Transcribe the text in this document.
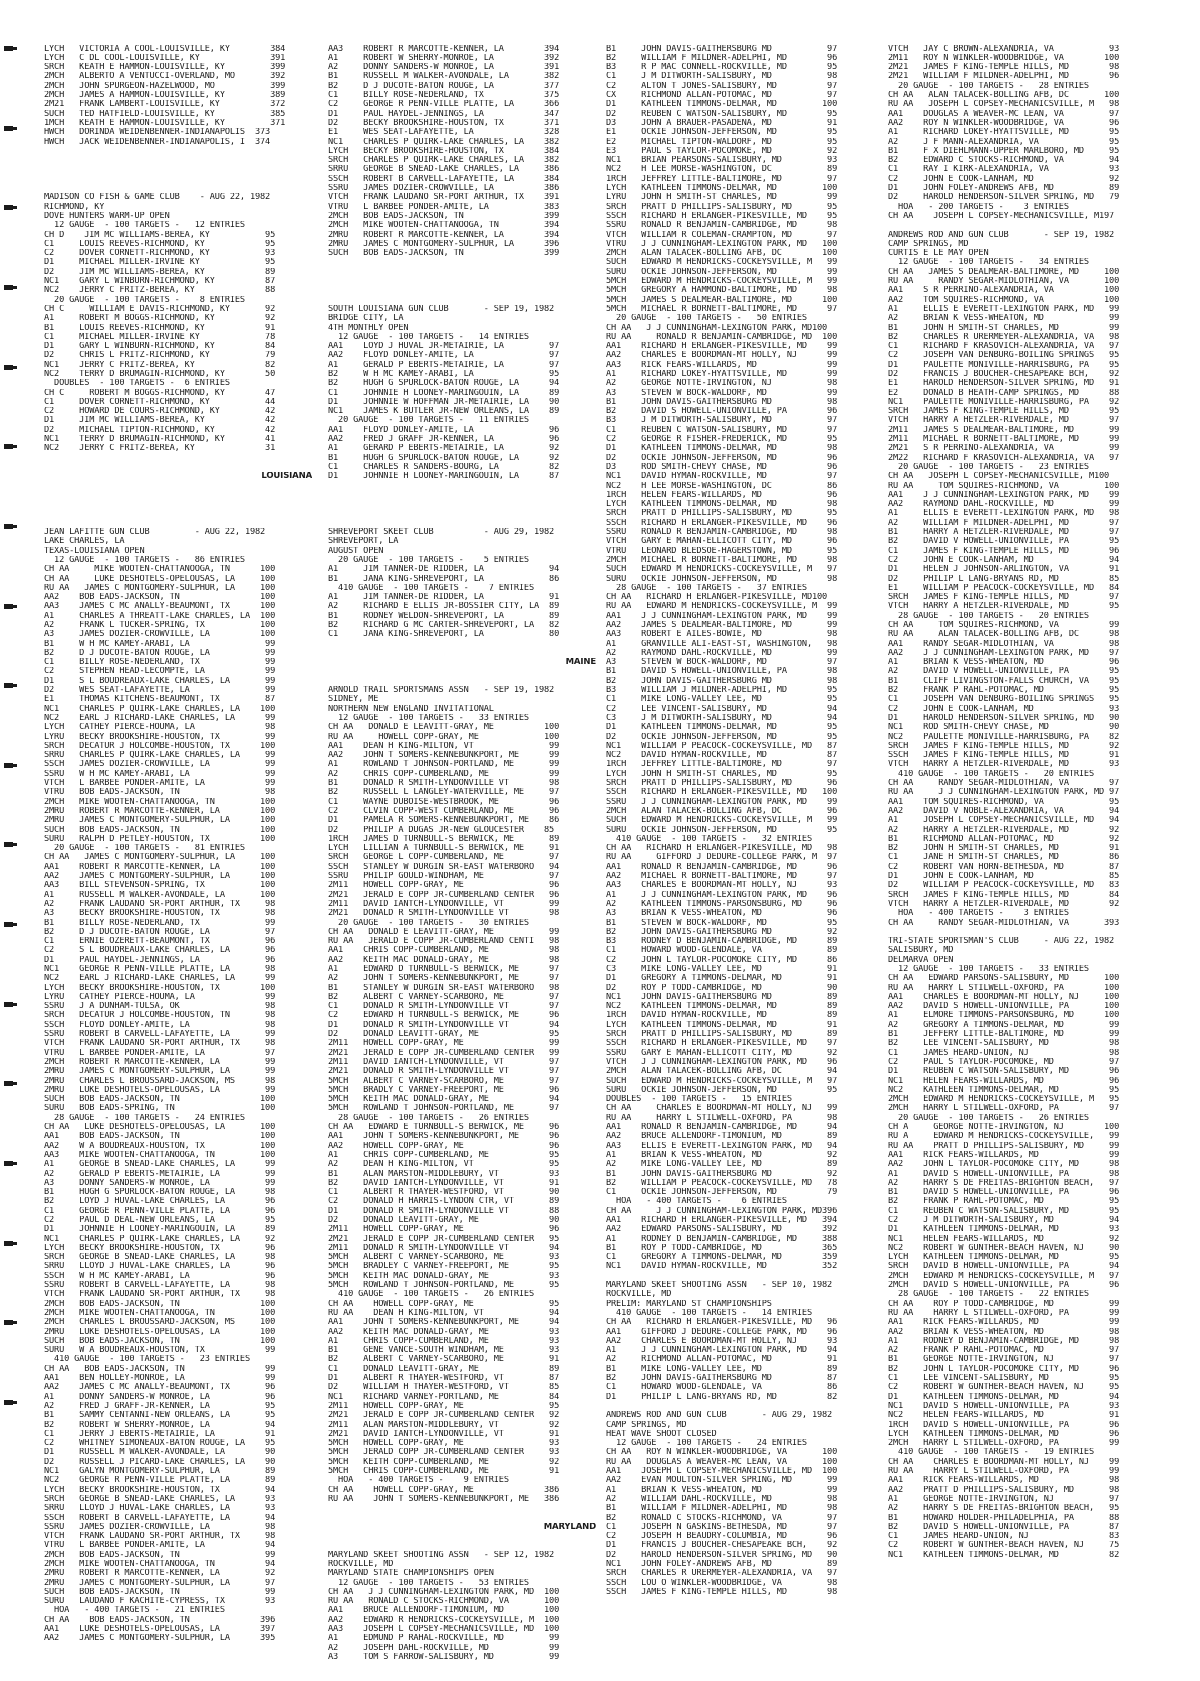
LYCH   VICTORIA A COOL-LOUISVILLE, KY        384
LYCH   C DL COOL-LOUISVILLE, KY              391
SRCH   KEATH E HAMMON-LOUISVILLE, KY         399
2MCH   ALBERTO A VENTUCCI-OVERLAND, MO       392
2MCH   JOHN SPURGEON-HAZELWOOD, MO           399
2MCH   JAMES A HAMMON-LOUISVILLE, KY         389
2M21   FRANK LAMBERT-LOUISVILLE, KY          372
SUCH   TED HATFIELD-LOUISVILLE, KY           385
1MCH   KEATH E HAMMON-LOUISVILLE, KY         371
HWCH   DORINDA WEIDENBENNER-INDIANAPOLIS  373
HWCH   JACK WEIDENBENNER-INDIANAPOLIS, I  374

MADISON CO FISH & GAME CLUB    - AUG 22, 1982
RICHMOND, KY
DOVE HUNTERS WARM-UP OPEN
12 GAUGE  - 100 TARGETS -   12 ENTRIES
CH D    JIM MC WILLIAMS-BEREA, KY           95
C1     LOUIS REEVES-RICHMOND, KY            95
C2     DOVER CORNETT-RICHMOND, KY           93
D1     MICHAEL MILLER-IRVINE KY             95
D2     JIM MC WILLIAMS-BEREA, KY            89
NC1    GARY L WINBURN-RICHMOND, KY          87
NC2    JERRY C FRITZ-BEREA, KY              88
20 GAUGE  - 100 TARGETS -    8 ENTRIES
CH C     WILLIAM E DAVIS-RICHMOND, KY       92
A1     ROBERT M BOGGS-RICHMOND, KY          92
B1     LOUIS REEVES-RICHMOND, KY            91
C1     MICHAEL MILLER-IRVINE KY             78
D1     GARY L WINBURN-RICHMOND, KY          84
D2     CHRIS L FRITZ-RICHMOND, KY           79
NC1    JERRY C FRITZ-BEREA, KY              82
NC2    TERRY D BRUMAGIN-RICHMOND, KY        50
DOUBLES  - 100 TARGETS -  6 ENTRIES
CH C     ROBERT M BOGGS-RICHMOND, KY        47
C1     DOVER CORNETT-RICHMOND, KY           44
C2     HOWARD DE COURS-RICHMOND, KY         42
D1     JIM MC WILLIAMS-BEREA, KY            42
D2     MICHAEL TIPTON-RICHMOND, KY          42
NC1    TERRY D BRUMAGIN-RICHMOND, KY        41
NC2    JERRY C FRITZ-BEREA, KY              31

LOUISIANA

JEAN LAFITTE GUN CLUB         - AUG 22, 1982
LAKE CHARLES, LA
TEXAS-LOUISIANA OPEN
12 GAUGE  - 100 TARGETS -   86 ENTRIES
CH AA     MIKE WOOTEN-CHATTANOOGA, TN      100
CH AA     LUKE DESHOTELS-OPELOUSAS, LA     100
RU AA   JAMES C MONTGOMERY-SULPHUR, LA     100
AA2    BOB EADS-JACKSON, TN                100
AA3    JAMES C MC ANALLY-BEAUMONT, TX      100
A1     CHARLES A THREATT-LAKE CHARLES, LA  100
A2     FRANK L TUCKER-SPRING, TX           100
A3     JAMES DOZIER-CROWVILLE, LA          100
B1     W H MC KAMEY-ARABI, LA               99
B2     D J DUCOTE-BATON ROUGE, LA           99
C1     BILLY ROSE-NEDERLAND, TX             99
C2     STEPHEN HEAD-LECOMPTE, LA            99
D1     S L BOUDREAUX-LAKE CHARLES, LA       99
D2     WES SEAT-LAFAYETTE, LA               99
E1     THOMAS KITCHENS-BEAUMONT, TX         87
NC1    CHARLES P QUIRK-LAKE CHARLES, LA    100
NC2    EARL J RICHARD-LAKE CHARLES, LA      99
LYCH   CATHEY PIERCE-HOUMA, LA              98
LYRU   BECKY BROOKSHIRE-HOUSTON, TX         99
SRCH   DECATUR J HOLCOMBE-HOUSTON, TX      100
SRRU   CHARLES P QUIRK-LAKE CHARLES, LA     99
SSCH   JAMES DOZIER-CROWVILLE, LA           99
SSRU   W H MC KAMEY-ARABI, LA               99
VTCH   L BARBEE PONDER-AMITE, LA            99
VTRU   BOB EADS-JACKSON, TN                 98
2MCH   MIKE WOOTEN-CHATTANOOGA, TN         100
2MRU   ROBERT R MARCOTTE-KENNER, LA        100
2MRU   JAMES C MONTGOMERY-SULPHUR, LA      100
SUCH   BOB EADS-JACKSON, TN                100
SURU   RALPH D PETLEY-HOUSTON, TX          100
20 GAUGE  - 100 TARGETS -   81 ENTRIES
CH AA   JAMES C MONTGOMERY-SULPHUR, LA     100
AA1    ROBERT R MARCOTTE-KENNER, LA        100
AA2    JAMES C MONTGOMERY-SULPHUR, LA      100
AA3    BILL STEVENSON-SPRING, TX           100
A1     RUSSELL M WALKER-AVONDALE, LA       100
A2     FRANK LAUDANO SR-PORT ARTHUR, TX     98
A3     BECKY BROOKSHIRE-HOUSTON, TX         98
B1     BILLY ROSE-NEDERLAND, TX             99
B2     D J DUCOTE-BATON ROUGE, LA           97
C1     ERNIE OZERETT-BEAUMONT, TX           96
C2     S L BOUDREAUX-LAKE CHARLES, LA       96
D1     PAUL HAYDEL-JENNINGS, LA             96
NC1    GEORGE R PENN-VILLE PLATTE, LA       98
NC2    EARL J RICHARD-LAKE CHARLES, LA      99
LYCH   BECKY BROOKSHIRE-HOUSTON, TX        100
LYRU   CATHEY PIERCE-HOUMA, LA              99
SSRU   J A DUNHAM-TULSA, OK                 98
SRCH   DECATUR J HOLCOMBE-HOUSTON, TN       98
SSCH   FLOYD DONLEY-AMITE, LA               98
SSRU   ROBERT B CARVELL-LAFAYETTE, LA       99
VTCH   FRANK LAUDANO SR-PORT ARTHUR, TX     98
VTRU   L BARBEE PONDER-AMITE, LA            97
2MCH   ROBERT R MARCOTTE-KENNER, LA         99
2MRU   JAMES C MONTGOMERY-SULPHUR, LA       99
2MRU   CHARLES L BROUSSARD-JACKSON, MS      98
2MRU   LUKE DESHOTELS-OPELOUSAS, LA         99
SUCH   BOB EADS-JACKSON, TN                100
SURU   BOB EADS-SPRING, TN                 100
28 GAUGE  - 100 TARGETS -   24 ENTRIES
CH AA   LUKE DESHOTELS-OPELOUSAS, LA       100
AA1    BOB EADS-JACKSON, TN                100
AA2    W A BOUDREAUX-HOUSTON, TX           100
AA3    MIKE WOOTEN-CHATTANOOGA, TN         100
A1     GEORGE B SNEAD-LAKE CHARLES, LA      99
A2     GERALD P EBERTS-METAIRIE, LA         99
A3     DONNY SANDERS-W MONROE, LA           99
B1     HUGH G SPURLOCK-BATON ROUGE, LA      98
B2     LOYD J HUVAL-LAKE CHARLES, LA        96
C1     GEORGE R PENN-VILLE PLATTE, LA       96
C2     PAUL D DEAL-NEW ORLEANS, LA          95
D1     JOHNNIE H LOONEY-MARINGOUIN, LA      89
NC1    CHARLES P QUIRK-LAKE CHARLES, LA     92
LYCH   BECKY BROOKSHIRE-HOUSTON, TX         96
SRCH   GEORGE B SNEAD-LAKE CHARLES, LA      98
SRRU   LLOYD J HUVAL-LAKE CHARLES, LA       96
SSCH   W H MC KAMEY-ARABI, LA               96
SSRU   ROBERT B CARVELL-LAFAYETTE, LA       98
VTCH   FRANK LAUDANO SR-PORT ARTHUR, TX     98
2MCH   BOB EADS-JACKSON, TN                100
2MCH   MIKE WOOTEN-CHATTANOOGA, TN         100
2MCH   CHARLES L BROUSSARD-JACKSON, MS     100
2MRU   LUKE DESHOTELS-OPELOUSAS, LA        100
SUCH   BOB EADS-JACKSON, TN                100
SURU   W A BOUDREAUX-HOUSTON, TX            99
410 GAUGE  - 100 TARGETS -   23 ENTRIES
CH AA   BOB EADS-JACKSON, TN                99
AA1    BEN HOLLEY-MONROE, LA                99
AA2    JAMES C MC ANALLY-BEAUMONT, TX       96
A1     DONNY SANDERS-W MONROE, LA           96
A2     FRED J GRAFF-JR-KENNER, LA           95
B1     SAMMY CENTANNI-NEW ORLEANS, LA       95
B2     ROBERT W SHERRY-MONROE, LA           94
C1     JERRY J EBERTS-METAIRIE, LA          91
C2     WHITNEY SIMONEAUX-BATON ROUGE, LA    95
D1     RUSSELL M WALKER-AVONDALE, LA        90
D2     RUSSELL J PICARD-LAKE CHARLES, LA    90
NC1    GALYN MONTGOMERY-SULPHUR, LA         89
NC2    GEORGE R PENN-VILLE PLATTE, LA       89
LYCH   BECKY BROOKSHIRE-HOUSTON, TX         94
SRCH   GEORGE B SNEAD-LAKE CHARLES, LA      93
SRRU   LLOYD J HUVAL-LAKE CHARLES, LA       93
SSCH   ROBERT B CARVELL-LAFAYETTE, LA       94
SSRU   JAMES DOZIER-CROWVILLE, LA           98
VTCH   FRANK LAUDANO SR-PORT ARTHUR, TX     98
VTRU   L BARBEE PONDER-AMITE, LA            94
2MCH   BOB EADS-JACKSON, TN                 99
2MCH   MIKE WOOTEN-CHATTANOOGA, TN          94
2MRU   ROBERT R MARCOTTE-KENNER, LA         92
2MRU   JAMES C MONTGOMERY-SULPHUR, LA       97
SUCH   BOB EADS-JACKSON, TN                 99
SURU   LAUDANO F KACHITE-CYPRESS, TX        93
HOA   - 400 TARGETS -   21 ENTRIES
CH AA    BOB EADS-JACKSON, TN              396
AA1    LUKE DESHOTELS-OPELOUSAS, LA        397
AA2    JAMES C MONTGOMERY-SULPHUR, LA      395

AA3    ROBERT R MARCOTTE-KENNER, LA        394
A1     ROBERT W SHERRY-MONROE, LA          392
A2     DONNY SANDERS-W MONROE, LA          391
B1     RUSSELL M WALKER-AVONDALE, LA       382
B2     D J DUCOTE-BATON ROUGE, LA          377
C1     BILLY ROSE-NEDERLAND, TX            375
C2     GEORGE R PENN-VILLE PLATTE, LA      366
D1     PAUL HAYDEL-JENNINGS, LA            347
D2     BECKY BROOKSHIRE-HOUSTON, TX        371
E1     WES SEAT-LAFAYETTE, LA              328
NC1    CHARLES P QUIRK-LAKE CHARLES, LA    382
LYCH   BECKY BROOKSHIRE-HOUSTON, TX        384
SRCH   CHARLES P QUIRK-LAKE CHARLES, LA    382
SRRU   GEORGE B SNEAD-LAKE CHARLES, LA     386
SSCH   ROBERT B CARVELL-LAFAYETTE, LA      384
SSRU   JAMES DOZIER-CROWVILLE, LA          386
VTCH   FRANK LAUDANO SR-PORT ARTHUR, TX    391
VTRU   L BARBEE PONDER-AMITE, LA           383
2MCH   BOB EADS-JACKSON, TN                399
2MCH   MIKE WOOTEN-CHATTANOOGA, TN         394
2MRU   ROBERT R MARCOTTE-KENNER, LA        394
2MRU   JAMES C MONTGOMERY-SULPHUR, LA      396
SUCH   BOB EADS-JACKSON, TN                399

SOUTH LOUISIANA GUN CLUB       - SEP 19, 1982
BRIDGE CITY, LA
4TH MONTHLY OPEN
12 GAUGE  - 100 TARGETS -   14 ENTRIES
AA1    LOYD J HUVAL JR-METAIRIE, LA         97
AA2    FLOYD DONLEY-AMITE, LA               97
A1     GERALD P EBERTS-METAIRIE, LA         97
B2     W H MC KAMEY-ARABI, LA               95
B2     HUGH G SPURLOCK-BATON ROUGE, LA      94
C1     JOHNNIE H LOONEY-MARINGOUIN, LA      89
D1     JOHNNIE W HOFFMAN JR-METAIRIE, LA    90
NC1    JAMES K BUTLER JR-NEW ORLEANS, LA    89
20 GAUGE  - 100 TARGETS -   11 ENTRIES
AA1    FLOYD DONLEY-AMITE, LA               96
AA2    FRED J GRAFF JR-KENNER, LA           96
A1     GERARD P EBERTS-METAIRIE, LA         92
B1     HUGH G SPURLOCK-BATON ROUGE, LA      92
C1     CHARLES R SANDERS-BOURG, LA          82
D1     JOHNNIE H LOONEY-MARINGOUIN, LA      87

SHREVEPORT SKEET CLUB          - AUG 29, 1982
SHREVEPORT, LA
AUGUST OPEN
20 GAUGE  - 100 TARGETS -    5 ENTRIES
A1     JIM TANNER-DE RIDDER, LA             94
B1     JANA KING-SHREVEPORT, LA             86
410 GAUGE  - 100 TARGETS -    7 ENTRIES
A1     JIM TANNER-DE RIDDER, LA             91
A2     RICHARD E ELLIS JR-BOSSIER CITY, LA  89
B1     RODNEY WELDON-SHREVEPORT, LA         89
B2     RICHARD G MC CARTER-SHREVEPORT, LA   82
C1     JANA KING-SHREVEPORT, LA             80

MAINE

ARNOLD TRAIL SPORTSMANS ASSN   - SEP 19, 1982
SIDNEY, ME
NORTHERN NEW ENGLAND INVITATIONAL
12 GAUGE  - 100 TARGETS -   33 ENTRIES
CH AA   DONALD E LEAVITT-GRAY, ME          100
RU AA     HOWELL COPP-GRAY, ME             100
AA1    DEAN H KING-MILTON, VT               99
AA2    JOHN T SOMERS-KENNEBUNKPORT, ME      99
A1     ROWLAND T JOHNSON-PORTLAND, ME       99
A2     CHRIS COPP-CUMBERLAND, ME            99
B1     DONALD R SMITH-LYNDONVILLE VT        98
B2     RUSSELL L LANGLEY-WATERVILLE, ME     97
C1     WAYNE DUBOISE-WESTBROOK, ME          96
C2     CLVIN COPP-WEST CUMBERLAND, ME       96
D1     PAMELA R SOMERS-KENNEBUNKPORT, ME    86
D2     PHILIP A DUGAS JR-NEW GLOUCESTER    85
1RCH   JAMES D TURNBULL-S BERWICK, ME       89
LYCH   LILLIAN A TURNBULL-S BERWICK, ME     91
SRCH   GEORGE L COPP-CUMBERLAND, ME         97
SSCH   STANLEY W DURGIN SR-EAST WATERBORO   94
SSRU   PHILIP GOULD-WINDHAM, ME             97
2M11   HOWELL COPP-GRAY, ME                 96
2M21   JERALD E COPP JR-CUMBERLAND CENTER   96
2M11   DAVID IANTCH-LYNDONVILLE, VT         99
2M21   DONALD R SMITH-LYNDONVILLE VT        98
20 GAUGE  - 100 TARGETS -   30 ENTRIES
CH AA   DONALD E LEAVITT-GRAY, ME           99
RU AA   JERALD E COPP JR-CUMBERLAND CENTI   98
AA1    CHRIS COPP-CUMBERLAND, ME            98
AA2    KEITH MAC DONALD-GRAY, ME            98
A1     EDWARD D TURNBULL-S BERWICK, ME      97
A2     JOHN T SOMERS-KENNEBUNKPORT, ME      97
B1     STANLEY W DURGIN SR-EAST WATERBORO   98
B2     ALBERT C VARNEY-SCARBORO, ME         97
C1     DONALD R SMITH-LYNDONVILLE VT        97
C2     EDWARD H TURNBULL-S BERWICK, ME      96
D1     DONALD R SMITH-LYNDONVILLE VT        94
D2     DONALD LEAVITT-GRAY, ME              95
2M11   HOWELL COPP-GRAY, ME                 99
2M21   JERALD E COPP JR-CUMBERLAND CENTER   99
2M11   DAVID IANTCH-LYNDONVILLE, VT         97
2M21   DONALD R SMITH-LYNDONVILLE VT        97
5MCH   ALBERT C VARNEY-SCARBORO, ME         97
5MCH   BRADLY C VARNEY-FREEPORT, ME         96
5MCH   KEITH MAC DONALD-GRAY, ME            94
5MCH   ROWLAND T JOHNSON-PORTLAND, ME       97
28 GAUGE  - 100 TARGETS -   26 ENTRIES
CH AA   EDWARD E TURNBULL-S BERWICK, ME     96
AA1    JOHN T SOMERS-KENNEBUNKPORT, ME      96
AA2    HOWELL COPP-GRAY, ME                 96
A1     CHRIS COPP-CUMBERLAND, ME            95
A2     DEAN H KING-MILTON, VT               95
B1     ALAN MARSTON-MIDDLEBURY, VT          93
B2     DAVID IANTCH-LYNDONVILLE, VT         91
C1     ALBERT R THAYER-WESTFORD, VT         90
C2     DONALD H HARRIS-LYNDON CTR, VT       89
D1     DONALD R SMITH-LYNDONVILLE VT        88
D2     DONALD LEAVITT-GRAY, ME              90
2M11   HOWELL COPP-GRAY, ME                 96
2M21   JERALD E COPP JR-CUMBERLAND CENTER   95
2M11   DONALD R SMITH-LYNDONVILLE VT        94
5MCH   ALBERT C VARNEY-SCARBORO, ME         93
5MCH   BRADLEY C VARNEY-FREEPORT, ME        95
5MCH   KEITH MAC DONALD-GRAY, ME            93
5MCH   ROWLAND T JOHNSON-PORTLAND, ME       95
410 GAUGE  - 100 TARGETS -   26 ENTRIES
CH AA    HOWELL COPP-GRAY, ME               95
RU AA    DEAN H KING-MILTON, VT             94
AA1    JOHN T SOMERS-KENNEBUNKPORT, ME      94
AA2    KEITH MAC DONALD-GRAY, ME            93
A1     CHRIS COPP-CUMBERLAND, ME            93
B1     GENE VANCE-SOUTH WINDHAM, ME         93
B2     ALBERT C VARNEY-SCARBORO, ME         91
C1     DONALD LEAVITT-GRAY, ME              89
D1     ALBERT R THAYER-WESTFORD, VT         87
D2     WILLIAM H THAYER-WESTFORD, VT        85
NC1    RICHARD VARNEY-PORTLAND, ME          84
2M11   HOWELL COPP-GRAY, ME                 95
2M21   JERALD E COPP JR-CUMBERLAND CENTER   92
2M11   ALAN MARSTON-MIDDLEBURY, VT          92
2M21   DAVID IANTCH-LYNDONVILLE, VT         91
5MCH   HOWELL COPP-GRAY, ME                 93
5MCH   JERALD COPP JR-CUMBERLAND CENTER     93
5MCH   KEITH COPP-CUMBERLAND, ME            92
5MCH   CHRIS COPP-CUMBERLAND, ME            91
HOA   - 400 TARGETS -    9 ENTRIES
CH AA    HOWELL COPP-GRAY, ME              386
RU AA    JOHN T SOMERS-KENNEBUNKPORT, ME   386

MARYLAND

MARYLAND SKEET SHOOTING ASSN   - SEP 12, 1982
ROCKVILLE, MD
MARYLAND STATE CHAMPIONSHIPS OPEN
12 GAUGE  - 100 TARGETS -   53 ENTRIES
CH AA   J J CUNNINGHAM-LEXINGTON PARK, MD  100
RU AA   RONALD C STOCKS-RICHMOND, VA       100
AA1    BRUCE ALLENDORF-TIMONIUM, MD        100
AA2    EDWARD R HENDRICKS-COCKEYSVILLE, M  100
AA3    JOSEPH L COPSEY-MECHANICSVILLE, MD  100
A1     EDMUND P RAHAL-ROCKVILLE, MD         99
A2     JOSEPH DAHL-ROCKVILLE, MD            99
A3     TOM S FARROW-SALISBURY, MD           99

B1     JOHN DAVIS-GAITHERSBURG MD           97
B2     WILLIAM F MILDNER-ADELPHI, MD        96
B3     R P MAC CONNELL-ROCKVILLE, MD        95
C1     J M DITWORTH-SALISBURY, MD           98
C2     ALTON T JONES-SALISBURY, MD          97
CX     RICHMOND ALLAN-POTOMAC, MD           97
D1     KATHLEEN TIMMONS-DELMAR, MD         100
D2     REUBEN C WATSON-SALISBURY, MD        95
D3     JOHN A BRAUER-PASADENA, MD           91
E1     OCKIE JOHNSON-JEFFERSON, MD          95
E2     MICHAEL TIPTON-WALDORF, MD           95
E3     PAUL S TAYLOR-POCOMOKE, MD           92
NC1    BRIAN PEARSONS-SALISBURY, MD         93
NC2    H LEE MORSE-WASHINGTON, DC           89
1RCH   JEFFREY LITTLE-BALTIMORE, MD         97
LYCH   KATHLEEN TIMMONS-DELMAR, MD         100
LYRU   JOHN H SMITH-ST CHARLES, MD          99
SRCH   PRATT D PHILLIPS-SALISBURY, MD       95
SSCH   RICHARD H ERLANGER-PIKESVILLE, MD    95
SSRU   RONALD R BENJAMIN-CAMBRIDGE, MD      98
VTCH   WILLIAM R COLEMAN-CRAMPTON, MD       97
VTRU   J J CUNNINGHAM-LEXINGTON PARK, MD   100
2MCH   ALAN TALACEK-BOLLING AFB, DC        100
SUCH   EDWARD M HENDRICKS-COCKEYSVILLE, M   99
SURU   OCKIE JOHNSON-JEFFERSON, MD          99
5MCH   EDWARD M HENDRICKS-COCKEYSVILLE, M   99
5MCH   GREGORY A HAMMOND-BALTIMORE, MD      98
5MCH   JAMES S DEALMEAR-BALTIMORE, MD      100
5MCH   MICHAEL R BORNETT-BALTIMORE, MD      97
20 GAUGE  - 100 TARGETS -   50 ENTRIES
CH AA   J J CUNNINGHAM-LEXINGTON PARK, MD100
RU AA     RONALD R BENJAMIN-CAMBRIDGE, MD  100
AA1    RICHARD H ERLANGER-PIKESVILLE, MD    99
AA2    CHARLES E BOORDMAN-MT HOLLY, NJ      99
AA3    RICK FEARS-WILLARDS, MD              99
A1     RICHARD LOKEY-HYATTSVILLE, MD        99
A2     GEORGE NOTTE-IRVINGTON, NJ           98
A3     STEVEN W BOCK-WALDORF, MD            99
B1     JOHN DAVIS-GAITHERSBURG MD           98
B2     DAVID S HOWELL-UNIONVILLE, PA        96
B3     J M DITWORTH-SALISBURY, MD           97
C1     REUBEN C WATSON-SALISBURY, MD        97
C2     GEORGE R FISHER-FREDERICK, MD        95
D1     KATHLEEN TIMMONS-DELMAR, MD          98
D2     OCKIE JOHNSON-JEFFERSON, MD          96
D3     ROD SMITH-CHEVY CHASE, MD            96
NC1    DAVID HYMAN-ROCKVILLE, MD            97
NC2    H LEE MORSE-WASHINGTON, DC           86
1RCH   HELEN FEARS-WILLARDS, MD             96
LYCH   KATHLEEN TIMMONS-DELMAR, MD          98
SRCH   PRATT D PHILLIPS-SALISBURY, MD       95
SSCH   RICHARD H ERLANGER-PIKESVILLE, MD    96
SSRU   RONALD R BENJAMIN-CAMBRIDGE, MD      98
VTCH   GARY E MAHAN-ELLICOTT CITY, MD       96
VTRU   LEONARD BLEDSOE-HAGERSTOWN, MD       95
2MCH   MICHAEL R BORNETT-BALTIMORE, MD      98
SUCH   EDWARD M HENDRICKS-COCKEYSVILLE, M   97
SURU   OCKIE JOHNSON-JEFFERSON, MD          98
28 GAUGE  - 100 TARGETS -   37 ENTRIES
CH AA   RICHARD H ERLANGER-PIKESVILLE, MD100
RU AA   EDWARD M HENDRICKS-COCKEYSVILLE, M  99
AA1    J J CUNNINGHAM-LEXINGTON PARK, MD    99
AA2    JAMES S DEALMEAR-BALTIMORE, MD       99
AA3    ROBERT E AILES-BOWIE, MD             98
A1     GRANVILLE ALI-EAST-ST, WASHINGTON,   98
A2     RAYMOND DAHL-ROCKVILLE, MD           99
A3     STEVEN W BOCK-WALDORF, MD            97
B1     DAVID S HOWELL-UNIONVILLE, PA        98
B2     JOHN DAVIS-GAITHERSBURG MD           98
B3     WILLIAM J MILDNER-ADELPHI, MD        95
C1     MIKE LONG-VALLEY LEE, MD             95
C2     LEE VINCENT-SALISBURY, MD            94
C3     J M DITWORTH-SALISBURY, MD           94
D1     KATHLEEN TIMMONS-DELMAR, MD          95
D2     OCKIE JOHNSON-JEFFERSON, MD          95
NC1    WILLIAM P PEACOCK-COCKEYSVILLE, MD   87
NC2    DAVID HYMAN-ROCKVILLE, MD            87
1RCH   JEFFREY LITTLE-BALTIMORE, MD         97
LYCH   JOHN H SMITH-ST CHARLES, MD          95
SRCH   PRATT D PHILLIPS-SALISBURY, MD       96
SSCH   RICHARD H ERLANGER-PIKESVILLE, MD   100
SSRU   J J CUNNINGHAM-LEXINGTON PARK, MD    99
2MCH   ALAN TALACEK-BOLLING AFB, DC         96
SUCH   EDWARD M HENDRICKS-COCKEYSVILLE, M   99
SURU   OCKIE JOHNSON-JEFFERSON, MD          95
410 GAUGE  - 100 TARGETS -   32 ENTRIES
CH AA   RICHARD H ERLANGER-PIKESVILLE, MD   98
RU AA     GIFFORD J DEDURE-COLLEGE PARK, M  97
AA1    RONALD R BENJAMIN-CAMBRIDGE, MD      96
AA2    MICHAEL R BORNETT-BALTIMORE, MD      97
AA3    CHARLES E BOORDMAN-MT HOLLY, NJ      93
A1     J J CUNNINGHAM-LEXINGTON PARK, MD    96
A2     KATHLEEN TIMMONS-PARSONSBURG, MD     96
A3     BRIAN K VESS-WHEATON, MD             96
B1     STEVEN W BOCK-WALDORF, MD            95
B2     JOHN DAVIS-GAITHERSBURG MD           92
B3     RODNEY D BENJAMIN-CAMBRIDGE, MD      89
C1     HOWARD WOOD-GLENDALE, VA             89
C2     JOHN L TAYLOR-POCOMOKE CITY, MD      86
C3     MIKE LONG-VALLEY LEE, MD             91
D1     GREGORY A TIMMONS-DELMAR, MD         91
D2     ROY P TODD-CAMBRIDGE, MD             90
NC1    JOHN DAVIS-GAITHERSBURG MD           89
NC2    KATHLEEN TIMMONS-DELMAR, MD          89
1RCH   DAVID HYMAN-ROCKVILLE, MD            89
LYCH   KATHLEEN TIMMONS-DELMAR, MD          91
SRCH   PRATT D PHILLIPS-SALISBURY, MD       89
SSCH   RICHARD H ERLANGER-PIKESVILLE, MD    97
SSRU   GARY E MAHAN-ELLICOTT CITY, MD       92
VTCH   J J CUNNINGHAM-LEXINGTON PARK, MD    96
2MCH   ALAN TALACEK-BOLLING AFB, DC         94
SUCH   EDWARD M HENDRICKS-COCKEYSVILLE, M   97
SURU   OCKIE JOHNSON-JEFFERSON, MD          95
DOUBLES  - 100 TARGETS -   15 ENTRIES
CH AA     CHARLES E BOORDMAN-MT HOLLY, NJ   99
RU AA     HARRY L STILWELL-OXFORD, PA       98
AA1    RONALD R BENJAMIN-CAMBRIDGE, MD      94
AA2    BRUCE ALLENDORF-TIMONIUM, MD         89
AA3    ELLIS E EVERETT-LEXINGTON PARK, MD   94
A1     BRIAN K VESS-WHEATON, MD             92
A2     MIKE LONG-VALLEY LEE, MD             89
B1     JOHN DAVIS-GAITHERSBURG MD           92
B2     WILLIAM P PEACOCK-COCKEYSVILLE, MD   78
C1     OCKIE JOHNSON-JEFFERSON, MD          79
HOA   - 400 TARGETS -    6 ENTRIES
CH AA     J J CUNNINGHAM-LEXINGTON PARK, MD396
AA1    RICHARD H ERLANGER-PIKESVILLE, MD   394
AA2    EDWARD PARSONS-SALISBURY, MD        392
A1     RODNEY D BENJAMIN-CAMBRIDGE, MD     388
B1     ROY P TODD-CAMBRIDGE, MD            365
C1     GREGORY A TIMMONS-DELMAR, MD        359
NC1    DAVID HYMAN-ROCKVILLE, MD           352
MARYLAND SKEET SHOOTING ASSN   - SEP 10, 1982
ROCKVILLE, MD
PRELIM: MARYLAND ST CHAMPIONSHIPS
410 GAUGE  - 100 TARGETS -   14 ENTRIES
CH AA   RICHARD H ERLANGER-PIKESVILLE, MD   96
AA1    GIFFORD J DEDURE-COLLEGE PARK, MD    96
AA2    CHARLES E BOORDMAN-MT HOLLY, NJ      93
A1     J J CUNNINGHAM-LEXINGTON PARK, MD    94
A2     RICHMOND ALLAN-POTOMAC, MD           91
B1     MIKE LONG-VALLEY LEE, MD             89
B2     JOHN DAVIS-GAITHERSBURG MD           87
C1     HOWARD WOOD-GLENDALE, VA             86
D1     PHILIP L LANG-BRYANS RD, MD          82
ANDREWS ROD AND GUN CLUB       - AUG 29, 1982
CAMP SPRINGS, MD
HEAT WAVE SHOOT CLOSED
12 GAUGE  - 100 TARGETS -   24 ENTRIES
CH AA   ROY N WINKLER-WOODBRIDGE, VA       100
RU AA   DOUGLAS A WEAVER-MC LEAN, VA       100
AA1    JOSEPH L COPSEY-MECHANICSVILLE, MD  100
AA2    EVAN MOULTON-SILVER SPRING, MD       99
A1     BRIAN K VESS-WHEATON, MD             99
A2     WILLIAM DAHL-ROCKVILLE, MD           98
B1     WILLIAM F MILDNER-ADELPHI, MD        98
B2     RONALD C STOCKS-RICHMOND, VA         97
C1     JOSEPH N GASKINS-BETHESDA, MD        97
C2     JOSEPH H BEAUDRY-COLUMBIA, MD        96
D1     FRANCIS J BOUCHER-CHESAPEAKE BCH,    92
D2     HAROLD HENDERSON-SILVER SPRING, MD   90
NC1    JOHN FOLEY-ANDREWS AFB, MD           89
SRCH   CHARLES R URERMEYER-ALEXANDRIA, VA   97
SSCH   LOU O WINKLER-WOODBRIDGE, VA         98
SSCH   JAMES F KING-TEMPLE HILLS, MD        98

VTCH   JAY C BROWN-ALEXANDRIA, VA           93
2M11   ROY N WINKLER-WOODBRIDGE, VA        100
2M21   JAMES F KING-TEMPLE HILLS, MD        98
2M21   WILLIAM F MILDNER-ADELPHI, MD        96
20 GAUGE  - 100 TARGETS -   28 ENTRIES
CH AA   ALAN TALACEK-BOLLING AFB, DC       100
RU AA   JOSEPH L COPSEY-MECHANICSVILLE, M   98
AA1    DOUGLAS A WEAVER-MC LEAN, VA         97
AA2    ROY N WINKLER-WOODBRIDGE, VA         96
A1     RICHARD LOKEY-HYATTSVILLE, MD        95
A2     J F MANN-ALEXANDRIA, VA              95
B1     F X DIEHLMANN-UPPER MARLBORO, MD     95
B2     EDWARD C STOCKS-RICHMOND, VA         94
C1     RAY I KIRK-ALEXANDRIA, VA            93
C2     JOHN E COOK-LANHAM, MD               92
D1     JOHN FOLEY-ANDREWS AFB, MD           89
D2     HAROLD HENDERSON-SILVER SPRING, MD   79
HOA   - 200 TARGETS -    3 ENTRIES
CH AA    JOSEPH L COPSEY-MECHANICSVILLE, M197
ANDREWS ROD AND GUN CLUB       - SEP 19, 1982
CAMP SPRINGS, MD
CURTIS E LE MAY OPEN
12 GAUGE  - 100 TARGETS -   34 ENTRIES
CH AA   JAMES S DEALMEAR-BALTIMORE, MD     100
RU AA     RANDY SEGAR-MIDLOTHIAN, VA       100
AA1    S R PERRINO-ALEXANDRIA, VA          100
AA2    TOM SQUIRES-RICHMOND, VA            100
A1     ELLIS E EVERETT-LEXINGTON PARK, MD   99
A2     BRIAN K VESS-WHEATON, MD             99
B1     JOHN H SMITH-ST CHARLES, MD          99
B2     CHARLES R URERMEYER-ALEXANDRIA, VA   98
C1     RICHARD F KRASOVICH-ALEXANDRIA, VA   97
C2     JOSEPH VAN DENBURG-BOILING SPRINGS   95
D1     PAULETTE MONIVILLE-HARRISBURG, PA    95
D2     FRANCIS J BOUCHER-CHESAPEAKE BCH,    92
E1     HAROLD HENDERSON-SILVER SPRING, MD   91
E2     DONALD B HEATH-CAMP SPRINGS, MD      88
NC1    PAULETTE MONIVILLE-HARRISBURG, PA    92
SRCH   JAMES F KING-TEMPLE HILLS, MD        95
VTCH   HARRY A HETZLER-RIVERDALE, MD        97
2M11   JAMES S DEALMEAR-BALTIMORE, MD       99
2M11   MICHAEL R BORNETT-BALTIMORE, MD      99
2M21   S R PERRINO-ALEXANDRIA, VA           99
2M22   RICHARD F KRASOVICH-ALEXANDRIA, VA   97
20 GAUGE  - 100 TARGETS -   23 ENTRIES
CH AA   JOSEPH L COPSEY-MECHANICSVILLE, M100
RU AA     TOM SQUIRES-RICHMOND, VA         100
AA1    J J CUNNINGHAM-LEXINGTON PARK, MD    99
AA2    RAYMOND DAHL-ROCKVILLE, MD           99
A1     ELLIS E EVERETT-LEXINGTON PARK, MD   98
A2     WILLIAM F MILDNER-ADELPHI, MD        97
B1     HARRY A HETZLER-RIVERDALE, MD        97
B2     DAVID V HOWELL-UNIONVILLE, PA        95
C1     JAMES F KING-TEMPLE HILLS, MD        96
C2     JOHN E COOK-LANHAM, MD               94
D1     HELEN J JOHNSON-ARLINGTON, VA        91
D2     PHILIP L LANG-BRYANS RD, MD          85
E1     WILLIAM P PEACOCK-COCKEYSVILLE, MD   84
SRCH   JAMES F KING-TEMPLE HILLS, MD        97
VTCH   HARRY A HETZLER-RIVERDALE, MD        95
28 GAUGE  - 100 TARGETS -   20 ENTRIES
CH AA     TOM SQUIRES-RICHMOND, VA          99
RU AA     ALAN TALACEK-BOLLING AFB, DC      98
AA1    RANDY SEGAR-MIDLOTHIAN, VA           98
AA2    J J CUNNINGHAM-LEXINGTON PARK, MD    97
A1     BRIAN K VESS-WHEATON, MD             96
A2     DAVID V HOWELL-UNIONVILLE, PA        95
B1     CLIFF LIVINGSTON-FALLS CHURCH, VA    95
B2     FRANK P RAHL-POTOMAC, MD             95
C1     JOSEPH VAN DENBURG-BOILING SPRINGS   95
C2     JOHN E COOK-LANHAM, MD               93
D1     HAROLD HENDERSON-SILVER SPRING, MD   90
NC1    ROD SMITH-CHEVY CHASE, MD            90
NC2    PAULETTE MONIVILLE-HARRISBURG, PA    82
SRCH   JAMES F KING-TEMPLE HILLS, MD        92
SSCH   JAMES F KING-TEMPLE HILLS, MD        91
VTCH   HARRY A HETZLER-RIVERDALE, MD        93
410 GAUGE  - 100 TARGETS -   20 ENTRIES
CH AA     RANDY SEGAR-MIDLOTHIAN, VA        97
RU AA     J J CUNNINGHAM-LEXINGTON PARK, MD 97
AA1    TOM SQUIRES-RICHMOND, VA             95
AA2    DAVID V NOBLE-ALEXANDRIA, VA         94
A1     JOSEPH L COPSEY-MECHANICSVILLE, MD   94
A2     HARRY A HETZLER-RIVERDALE, MD        92
B1     RICHMOND ALLAN-POTOMAC, MD           92
B2     JOHN H SMITH-ST CHARLES, MD          91
C1     JANE H SMITH-ST CHARLES, MD          86
C2     ROBERT VAN HORN-BETHESDA, MD         87
D1     JOHN E COOK-LANHAM, MD               85
D2     WILLIAM P PEACOCK-COCKEYSVILLE, MD   83
SRCH   JAMES F KING-TEMPLE HILLS, MD        84
VTCH   HARRY A HETZLER-RIVERDALE, MD        92
HOA   - 400 TARGETS -    3 ENTRIES
CH AA     RANDY SEGAR-MIDLOTHIAN, VA       393
TRI-STATE SPORTSMAN'S CLUB     - AUG 22, 1982
SALISBURY, MD
DELMARVA OPEN
12 GAUGE  - 100 TARGETS -   33 ENTRIES
CH AA   EDWARD PARSONS-SALISBURY, MD       100
RU AA   HARRY L STILWELL-OXFORD, PA        100
AA1    CHARLES E BOORDMAN-MT HOLLY, NJ     100
AA2    DAVID S HOWELL-UNIONVILLE, PA       100
A1     ELMORE TIMMONS-PARSONSBURG, MD      100
A2     GREGORY A TIMMONS-DELMAR, MD         99
B1     JEFFERY LITTLE-BALTIMORE, MD         99
B2     LEE VINCENT-SALISBURY, MD            98
C1     JAMES HEARD-UNION, NJ                98
C2     PAUL S TAYLOR-POCOMOKE, MD           97
D1     REUBEN C WATSON-SALISBURY, MD        96
NC1    HELEN FEARS-WILLARDS, MD             96
NC2    KATHLEEN TIMMONS-DELMAR, MD          95
2MCH   EDWARD M HENDRICKS-COCKEYSVILLE, M   95
2MCH   HARRY L STILWELL-OXFORD, PA          97
20 GAUGE  - 100 TARGETS -   26 ENTRIES
CH A     GEORGE NOTTE-IRVINGTON, NJ        100
RU A     EDWARD M HENDRICKS-COCKEYSVILLE,   99
RU AA    PRATT D PHILLIPS-SALISBURY, MD     99
AA1    RICK FEARS-WILLARDS, MD              99
AA2    JOHN L TAYLOR-POCOMOKE CITY, MD      98
A1     DAVID S HOWELL-UNIONVILLE, PA        98
A2     HARRY S DE FREITAS-BRIGHTON BEACH,   97
B1     DAVID S HOWELL-UNIONVILLE, PA        96
B2     FRANK P RAHL-POTOMAC, MD             95
C1     REUBEN C WATSON-SALISBURY, MD        95
C2     J M DITWORTH-SALISBURY, MD           94
D1     KATHLEEN TIMMONS-DELMAR, MD          93
NC1    HELEN FEARS-WILLARDS, MD             92
NC2    ROBERT W GUNTHER-BEACH HAVEN, NJ     90
LYCH   KATHLEEN TIMMONS-DELMAR, MD          95
SRCH   DAVID B HOWELL-UNIONVILLE, PA        94
2MCH   EDWARD M HENDRICKS-COCKEYSVILLE, M   97
2MCH   DAVID S HOWELL-UNIONVILLE, PA        96
28 GAUGE  - 100 TARGETS -   22 ENTRIES
CH AA    ROY P TODD-CAMBRIDGE, MD           99
RU AA    HARRY L STILWELL-OXFORD, PA        99
AA1    RICK FEARS-WILLARDS, MD              99
AA2    BRIAN K VESS-WHEATON, MD             98
A1     RODNEY D BENJAMIN-CAMBRIDGE, MD      98
A2     FRANK P RAHL-POTOMAC, MD             97
B1     GEORGE NOTTE-IRVINGTON, NJ           97
B2     JOHN L TAYLOR-POCOMOKE CITY, MD      96
C1     LEE VINCENT-SALISBURY, MD            95
C2     ROBERT W GUNTHER-BEACH HAVEN, NJ     95
D1     KATHLEEN TIMMONS-DELMAR, MD          94
NC1    DAVID S HOWELL-UNIONVILLE, PA        93
NC2    HELEN FEARS-WILLARDS, MD             91
1RCH   DAVID S HOWELL-UNIONVILLE, PA        96
LYCH   KATHLEEN TIMMONS-DELMAR, MD          96
2MCH   HARRY L STILWELL-OXFORD, PA          99
410 GAUGE  - 100 TARGETS -   19 ENTRIES
CH AA    CHARLES E BOORDMAN-MT HOLLY, NJ    99
RU AA    HARRY L STILWELL-OXFORD, PA        99
AA1    RICK FEARS-WILLARDS, MD              98
AA2    PRATT D PHILLIPS-SALISBURY, MD       98
A1     GEORGE NOTTE-IRVINGTON, NJ           97
A2     HARRY S DE FREITAS-BRIGHTON BEACH,   95
B1     HOWARD HOLDER-PHILADELPHIA, PA       88
B2     DAVID S HOWELL-UNIONVILLE, PA        87
C1     JAMES HEARD-UNION, NJ                83
C2     ROBERT W GUNTHER-BEACH HAVEN, NJ     75
NC1    KATHLEEN TIMMONS-DELMAR, MD          82
